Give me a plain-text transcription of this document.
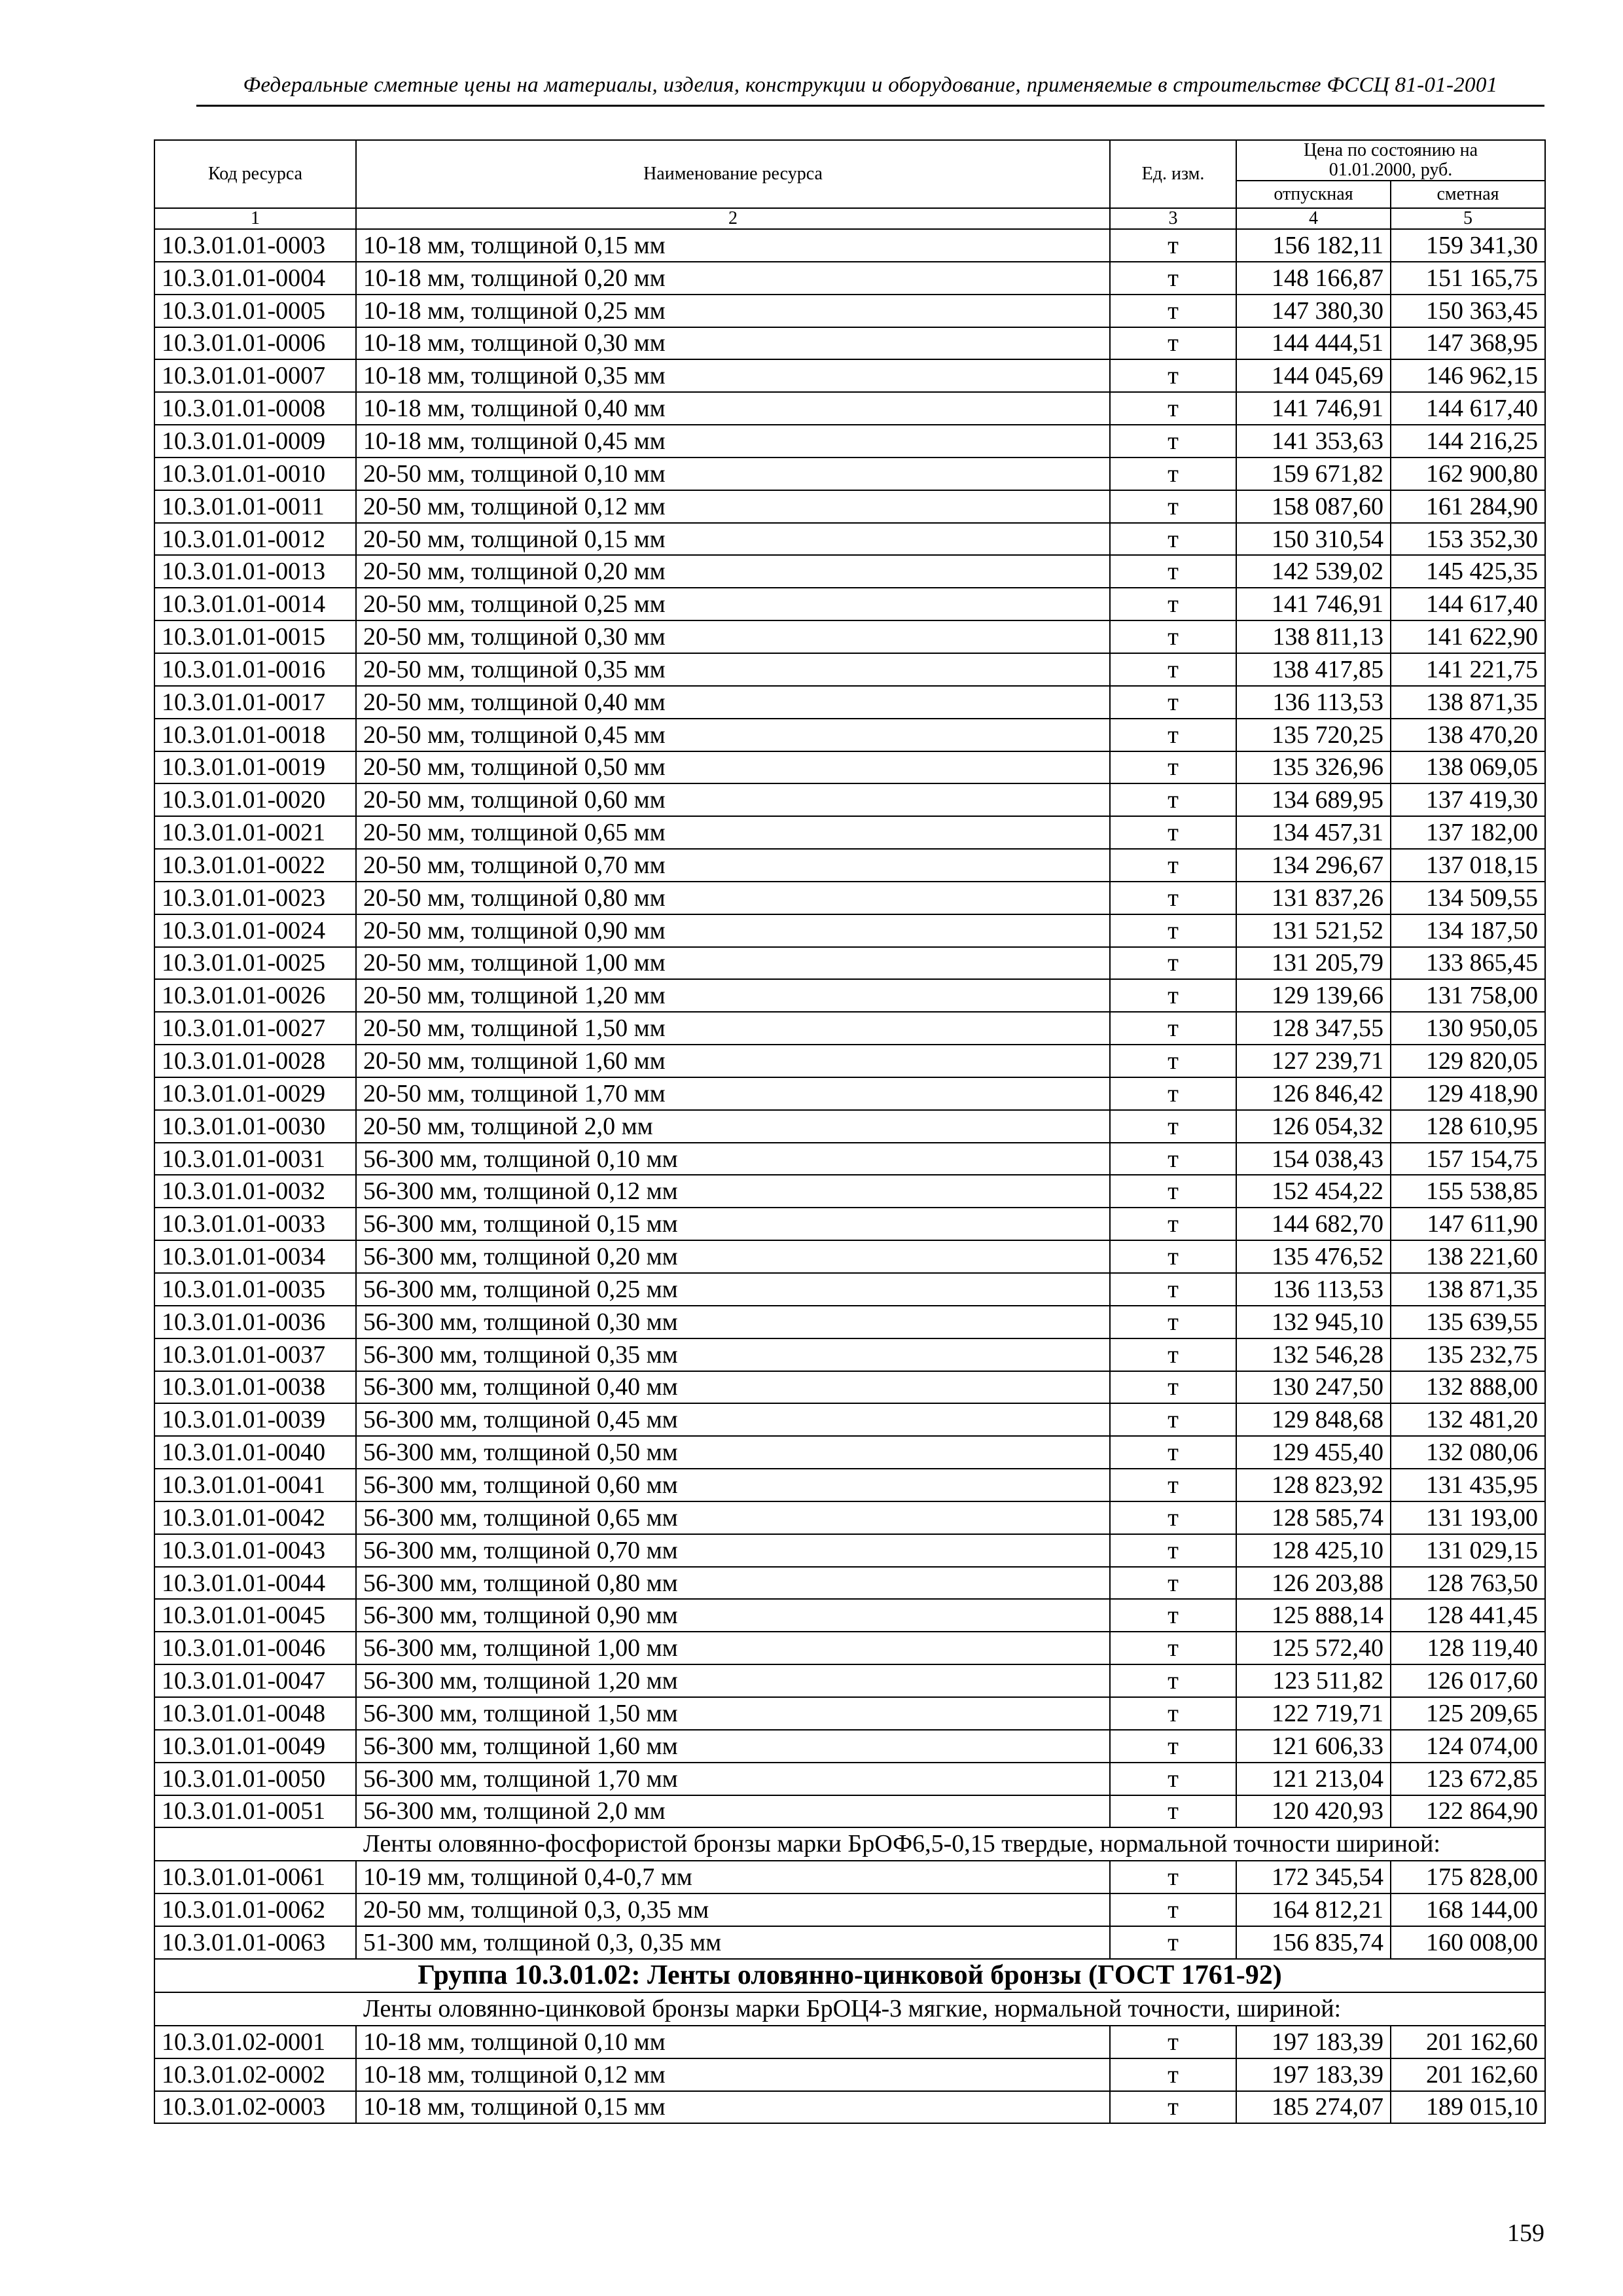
Федеральные сметные цены на материалы, изделия, конструкции и оборудование, применяемые в строительстве ФССЦ 81-01-2001
Код ресурса	Наименование ресурса	Ед. изм.	Цена по состоянию на 01.01.2000, руб.	
			отпускная	сметная
1	2	3	4	5
10.3.01.01-0003	10-18 мм, толщиной 0,15 мм	т	156 182,11	159 341,30
10.3.01.01-0004	10-18 мм, толщиной 0,20 мм	т	148 166,87	151 165,75
10.3.01.01-0005	10-18 мм, толщиной 0,25 мм	т	147 380,30	150 363,45
10.3.01.01-0006	10-18 мм, толщиной 0,30 мм	т	144 444,51	147 368,95
10.3.01.01-0007	10-18 мм, толщиной 0,35 мм	т	144 045,69	146 962,15
10.3.01.01-0008	10-18 мм, толщиной 0,40 мм	т	141 746,91	144 617,40
10.3.01.01-0009	10-18 мм, толщиной 0,45 мм	т	141 353,63	144 216,25
10.3.01.01-0010	20-50 мм, толщиной 0,10 мм	т	159 671,82	162 900,80
10.3.01.01-0011	20-50 мм, толщиной 0,12 мм	т	158 087,60	161 284,90
10.3.01.01-0012	20-50 мм, толщиной 0,15 мм	т	150 310,54	153 352,30
10.3.01.01-0013	20-50 мм, толщиной 0,20 мм	т	142 539,02	145 425,35
10.3.01.01-0014	20-50 мм, толщиной 0,25 мм	т	141 746,91	144 617,40
10.3.01.01-0015	20-50 мм, толщиной 0,30 мм	т	138 811,13	141 622,90
10.3.01.01-0016	20-50 мм, толщиной 0,35 мм	т	138 417,85	141 221,75
10.3.01.01-0017	20-50 мм, толщиной 0,40 мм	т	136 113,53	138 871,35
10.3.01.01-0018	20-50 мм, толщиной 0,45 мм	т	135 720,25	138 470,20
10.3.01.01-0019	20-50 мм, толщиной 0,50 мм	т	135 326,96	138 069,05
10.3.01.01-0020	20-50 мм, толщиной 0,60 мм	т	134 689,95	137 419,30
10.3.01.01-0021	20-50 мм, толщиной 0,65 мм	т	134 457,31	137 182,00
10.3.01.01-0022	20-50 мм, толщиной 0,70 мм	т	134 296,67	137 018,15
10.3.01.01-0023	20-50 мм, толщиной 0,80 мм	т	131 837,26	134 509,55
10.3.01.01-0024	20-50 мм, толщиной 0,90 мм	т	131 521,52	134 187,50
10.3.01.01-0025	20-50 мм, толщиной 1,00 мм	т	131 205,79	133 865,45
10.3.01.01-0026	20-50 мм, толщиной 1,20 мм	т	129 139,66	131 758,00
10.3.01.01-0027	20-50 мм, толщиной 1,50 мм	т	128 347,55	130 950,05
10.3.01.01-0028	20-50 мм, толщиной 1,60 мм	т	127 239,71	129 820,05
10.3.01.01-0029	20-50 мм, толщиной 1,70 мм	т	126 846,42	129 418,90
10.3.01.01-0030	20-50 мм, толщиной 2,0 мм	т	126 054,32	128 610,95
10.3.01.01-0031	56-300 мм, толщиной 0,10 мм	т	154 038,43	157 154,75
10.3.01.01-0032	56-300 мм, толщиной 0,12 мм	т	152 454,22	155 538,85
10.3.01.01-0033	56-300 мм, толщиной 0,15 мм	т	144 682,70	147 611,90
10.3.01.01-0034	56-300 мм, толщиной 0,20 мм	т	135 476,52	138 221,60
10.3.01.01-0035	56-300 мм, толщиной 0,25 мм	т	136 113,53	138 871,35
10.3.01.01-0036	56-300 мм, толщиной 0,30 мм	т	132 945,10	135 639,55
10.3.01.01-0037	56-300 мм, толщиной 0,35 мм	т	132 546,28	135 232,75
10.3.01.01-0038	56-300 мм, толщиной 0,40 мм	т	130 247,50	132 888,00
10.3.01.01-0039	56-300 мм, толщиной 0,45 мм	т	129 848,68	132 481,20
10.3.01.01-0040	56-300 мм, толщиной 0,50 мм	т	129 455,40	132 080,06
10.3.01.01-0041	56-300 мм, толщиной 0,60 мм	т	128 823,92	131 435,95
10.3.01.01-0042	56-300 мм, толщиной 0,65 мм	т	128 585,74	131 193,00
10.3.01.01-0043	56-300 мм, толщиной 0,70 мм	т	128 425,10	131 029,15
10.3.01.01-0044	56-300 мм, толщиной 0,80 мм	т	126 203,88	128 763,50
10.3.01.01-0045	56-300 мм, толщиной 0,90 мм	т	125 888,14	128 441,45
10.3.01.01-0046	56-300 мм, толщиной 1,00 мм	т	125 572,40	128 119,40
10.3.01.01-0047	56-300 мм, толщиной 1,20 мм	т	123 511,82	126 017,60
10.3.01.01-0048	56-300 мм, толщиной 1,50 мм	т	122 719,71	125 209,65
10.3.01.01-0049	56-300 мм, толщиной 1,60 мм	т	121 606,33	124 074,00
10.3.01.01-0050	56-300 мм, толщиной 1,70 мм	т	121 213,04	123 672,85
10.3.01.01-0051	56-300 мм, толщиной 2,0 мм	т	120 420,93	122 864,90
Ленты оловянно-фосфористой бронзы марки БрОФ6,5-0,15 твердые, нормальной точности шириной:				
10.3.01.01-0061	10-19 мм, толщиной 0,4-0,7 мм	т	172 345,54	175 828,00
10.3.01.01-0062	20-50 мм, толщиной 0,3, 0,35 мм	т	164 812,21	168 144,00
10.3.01.01-0063	51-300 мм, толщиной 0,3, 0,35 мм	т	156 835,74	160 008,00
Группа 10.3.01.02: Ленты оловянно-цинковой бронзы (ГОСТ 1761-92)				
Ленты оловянно-цинковой бронзы марки БрОЦ4-3 мягкие, нормальной точности, шириной:				
10.3.01.02-0001	10-18 мм, толщиной 0,10 мм	т	197 183,39	201 162,60
10.3.01.02-0002	10-18 мм, толщиной 0,12 мм	т	197 183,39	201 162,60
10.3.01.02-0003	10-18 мм, толщиной 0,15 мм	т	185 274,07	189 015,10
159
